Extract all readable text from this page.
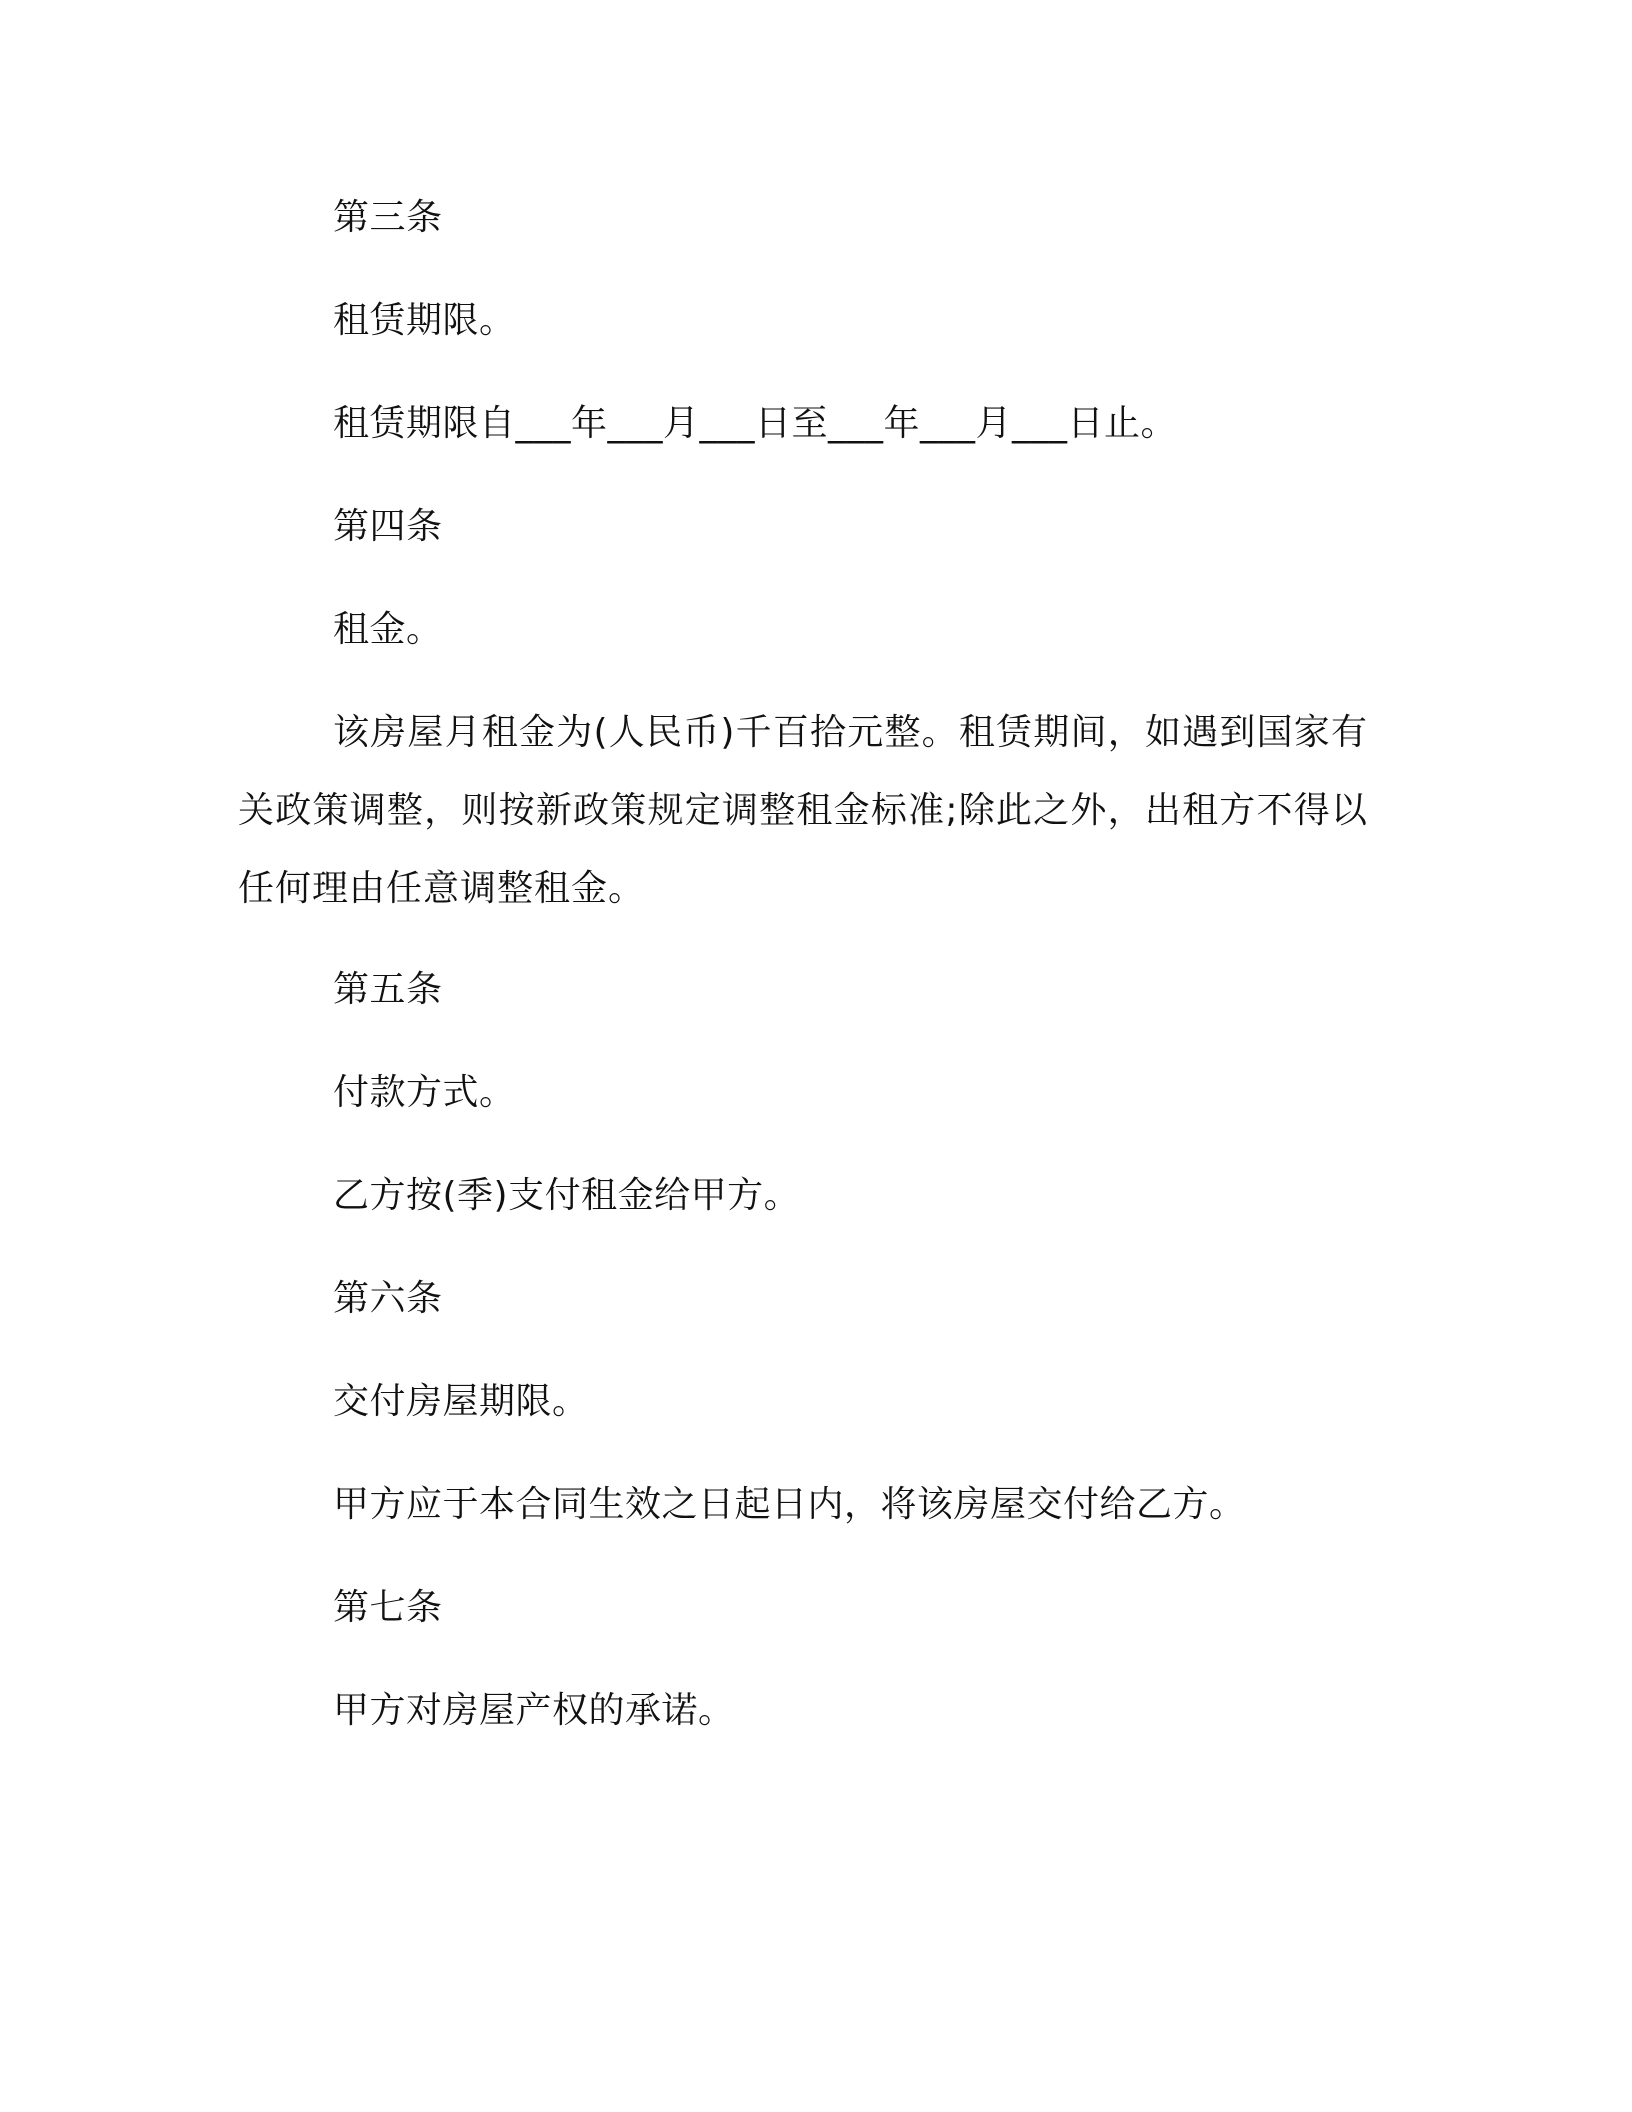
第三条
租赁期限。
租赁期限自___年___月___日至___年___月___日止。
第四条
租金。
该房屋月租金为(人民币)千百拾元整。租赁期间，如遇到国家有关政策调整，则按新政策规定调整租金标准;除此之外，出租方不得以任何理由任意调整租金。
第五条
付款方式。
乙方按(季)支付租金给甲方。
第六条
交付房屋期限。
甲方应于本合同生效之日起日内，将该房屋交付给乙方。
第七条
甲方对房屋产权的承诺。
